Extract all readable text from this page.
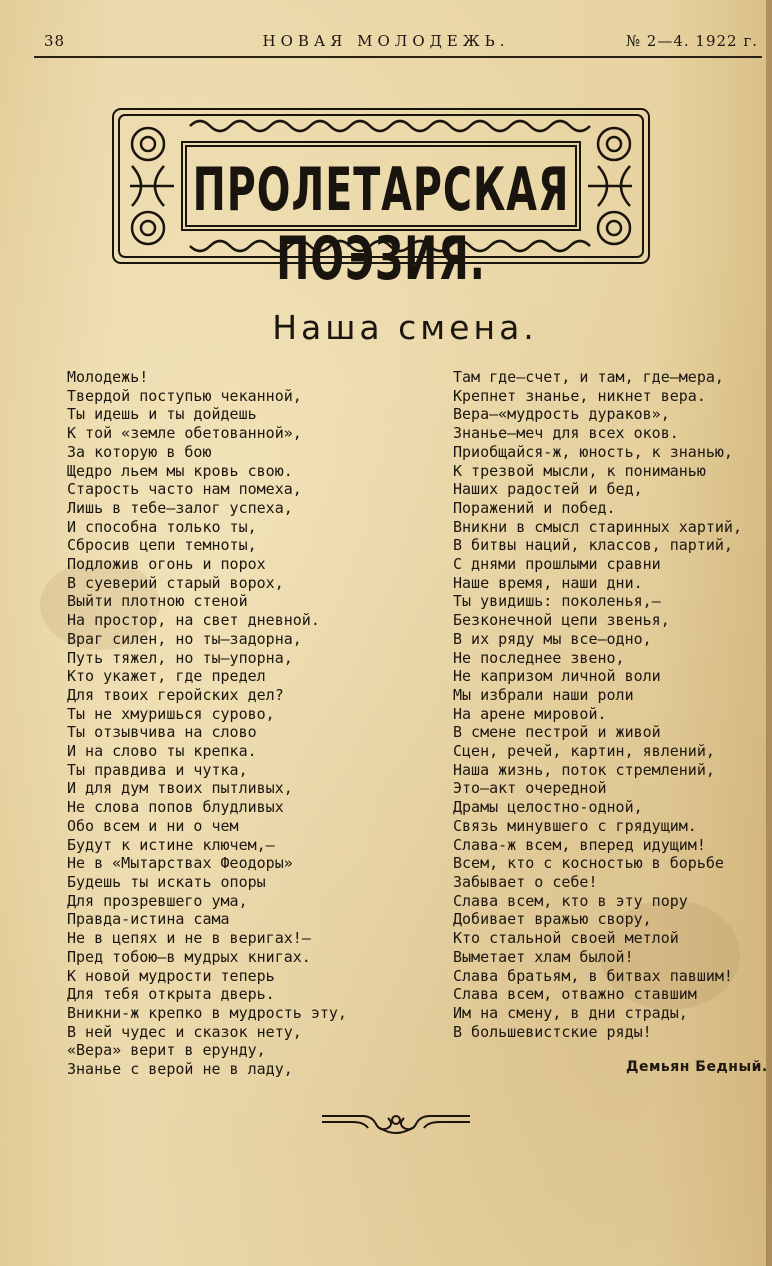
38	НОВАЯ МОЛОДЕЖЬ.	№ 2—4. 1922 г.
ПРОЛЕТАРСКАЯ ПОЭЗИЯ.
Наша смена.
Молодежь!
Твердой поступью чеканной,
Ты идешь и ты дойдешь
К той «земле обетованной»,
За которую в бою
Щедро льем мы кровь свою.
Старость часто нам помеха,
Лишь в тебе—залог успеха,
И способна только ты,
Сбросив цепи темноты,
Подложив огонь и порох
В суеверий старый ворох,
Выйти плотною стеной
На простор, на свет дневной.
Враг силен, но ты—задорна,
Путь тяжел, но ты—упорна,
Кто укажет, где предел
Для твоих геройских дел?
Ты не хмуришься сурово,
Ты отзывчива на слово
И на слово ты крепка.
Ты правдива и чутка,
И для дум твоих пытливых,
Не слова попов блудливых
Обо всем и ни о чем
Будут к истине ключем,—
Не в «Мытарствах Феодоры»
Будешь ты искать опоры
Для прозревшего ума,
Правда-истина сама
Не в цепях и не в веригах!—
Пред тобою—в мудрых книгах.
К новой мудрости теперь
Для тебя открыта дверь.
Вникни-ж крепко в мудрость эту,
В ней чудес и сказок нету,
«Вера» верит в ерунду,
Знанье с верой не в ладу,
Там где—счет, и там, где—мера,
Крепнет знанье, никнет вера.
Вера—«мудрость дураков»,
Знанье—меч для всех оков.
Приобщайся-ж, юность, к знанью,
К трезвой мысли, к пониманью
Наших радостей и бед,
Поражений и побед.
Вникни в смысл старинных хартий,
В битвы наций, классов, партий,
С днями прошлыми сравни
Наше время, наши дни.
Ты увидишь: поколенья,—
Безконечной цепи звенья,
В их ряду мы все—одно,
Не последнее звено,
Не капризом личной воли
Мы избрали наши роли
На арене мировой.
В смене пестрой и живой
Сцен, речей, картин, явлений,
Наша жизнь, поток стремлений,
Это—акт очередной
Драмы целостно-одной,
Связь минувшего с грядущим.
Слава-ж всем, вперед идущим!
Всем, кто с косностью в борьбе
Забывает о себе!
Слава всем, кто в эту пору
Добивает вражью свору,
Кто стальной своей метлой
Выметает хлам былой!
Слава братьям, в битвах павшим!
Слава всем, отважно ставшим
Им на смену, в дни страды,
В большевистские ряды!
Демьян Бедный.
